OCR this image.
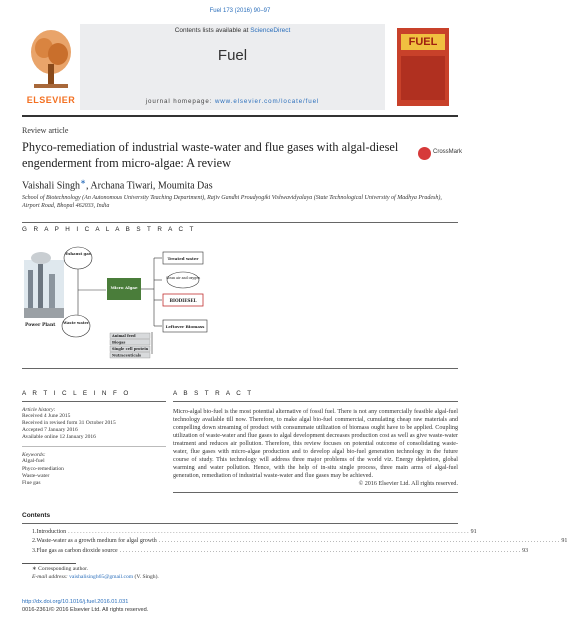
Fuel 173 (2016) 90–97
ELSEVIER
Contents lists available at ScienceDirect
Fuel
journal homepage: www.elsevier.com/locate/fuel
FUEL
Review article
Phyco-remediation of industrial waste-water and flue gases with algal-diesel engenderment from micro-algae: A review
CrossMark
Vaishali Singh∗, Archana Tiwari, Moumita Das
School of Biotechnology (An Autonomous University Teaching Department), Rajiv Gandhi Proudyogiki Vishwavidyalaya (State Technological University of Madhya Pradesh), Airport Road, Bhopal 462033, India
G R A P H I C A L A B S T R A C T
Power Plant
Exhaust gas
Waste water
Micro Algae
Treated water
Clean air and oxygen
BIODIESEL
Leftover Biomass
Animal feed
Biogas
Single cell protein
Nutraceuticals
A R T I C L E I N F O
Article history:
Received 4 June 2015
Received in revised form 31 October 2015
Accepted 7 January 2016
Available online 12 January 2016
Keywords:
Algal-fuel
Phyco-remediation
Waste-water
Flue gas
A B S T R A C T
Micro-algal bio-fuel is the most potential alternative of fossil fuel. There is not any commercially feasible algal-fuel technology available till now. Therefore, to make algal bio-fuel commercial, cumulating cheap raw materials and compelling down streaming of product with consummate utilization of biomass ought have to be applied. Coupling utilization of waste-water and flue gases to algal development decreases production cost as well as give waste-water treatment and reduces air pollution. Therefore, this review focuses on potential outcome of consolidating waste-water, flue gases with micro-algae production and to develop algal bio-fuel generation technology in the future course of study. This technology will address three major problems of the world viz. Energy depletion, global warming and water pollution. Hence, with the help of in-situ single process, three main arms of algal-fuel generation, remediation of industrial waste-water and flue gases may be achieved.
© 2016 Elsevier Ltd. All rights reserved.
Contents
1. Introduction . . . . . . . . . . . . . . . . . . . . . . . . . . . . . . . . . . . . . . . . . . . . . . . . . . . . . . . . . . . . . . . . . . . . . . . . . . . . . . . . . . . . . . . . . . . . . . . . . . . . . . . . . . . . . . . . . . . . . . . . . . . . . . . . . . . . . . 91
2. Waste-water as a growth medium for algal growth . . . . . . . . . . . . . . . . . . . . . . . . . . . . . . . . . . . . . . . . . . . . . . . . . . . . . . . . . . . . . . . . . . . . . . . . . . . . . . . . . . . . . . . . . . . . . . . . . . . . . . . . . . . . . . . . . . . . . . . . . . . . . . . . . . . . . . 91
3. Flue gas as carbon dioxide source . . . . . . . . . . . . . . . . . . . . . . . . . . . . . . . . . . . . . . . . . . . . . . . . . . . . . . . . . . . . . . . . . . . . . . . . . . . . . . . . . . . . . . . . . . . . . . . . . . . . . . . . . . . . . . . . . . . . . . . . . . . . . . . . . . . . . . 93
∗ Corresponding author.
E-mail address: vaishalisingh65@gmail.com (V. Singh).
http://dx.doi.org/10.1016/j.fuel.2016.01.031
0016-2361/© 2016 Elsevier Ltd. All rights reserved.
